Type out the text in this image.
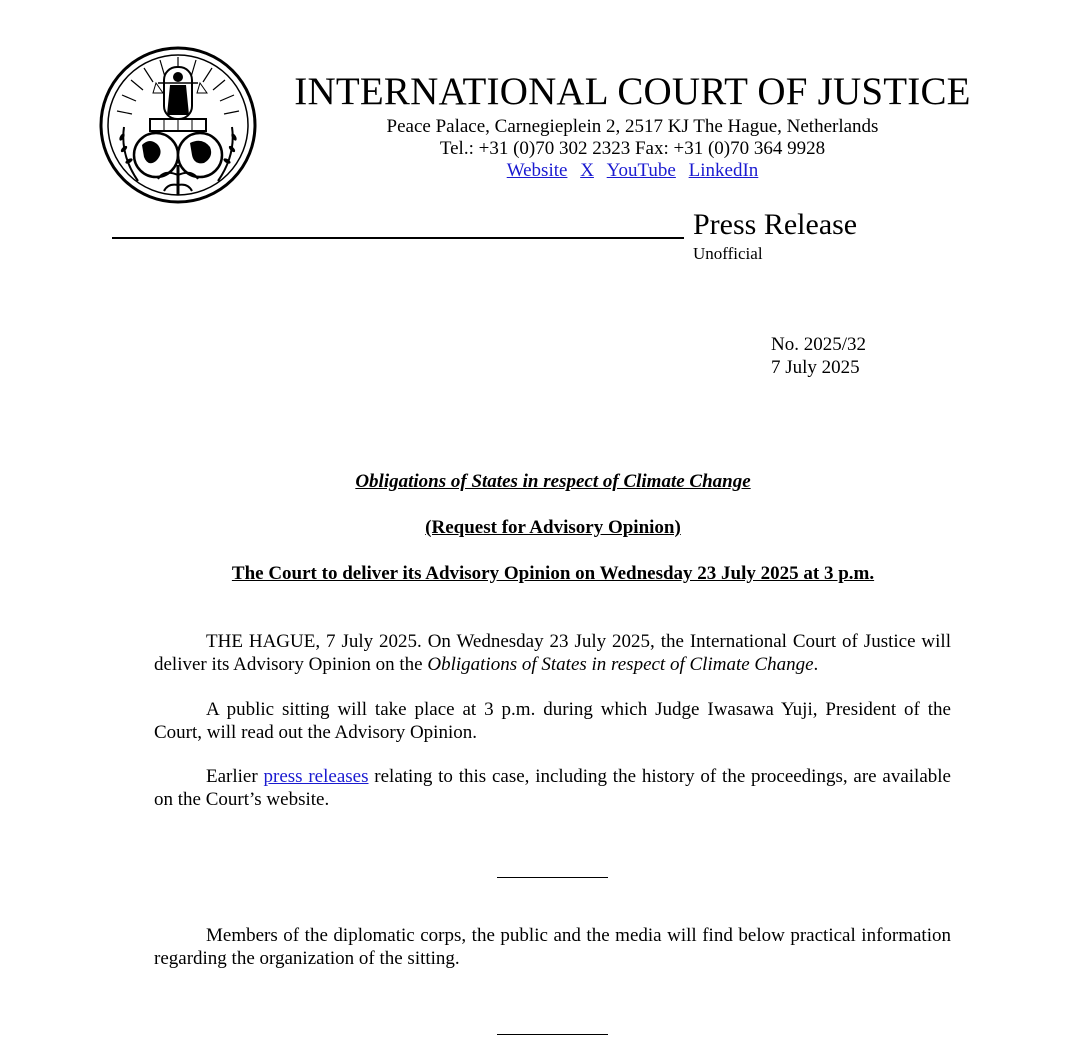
INTERNATIONAL COURT OF JUSTICE
Peace Palace, Carnegieplein 2, 2517 KJ The Hague, Netherlands
Tel.: +31 (0)70 302 2323 Fax: +31 (0)70 364 9928
Website X YouTube LinkedIn
Press Release
Unofficial
No. 2025/32
7 July 2025
Obligations of States in respect of Climate Change
(Request for Advisory Opinion)
The Court to deliver its Advisory Opinion on Wednesday 23 July 2025 at 3 p.m.
THE HAGUE, 7 July 2025. On Wednesday 23 July 2025, the International Court of Justice will deliver its Advisory Opinion on the Obligations of States in respect of Climate Change.
A public sitting will take place at 3 p.m. during which Judge Iwasawa Yuji, President of the Court, will read out the Advisory Opinion.
Earlier press releases relating to this case, including the history of the proceedings, are available on the Court’s website.
Members of the diplomatic corps, the public and the media will find below practical information regarding the organization of the sitting.
